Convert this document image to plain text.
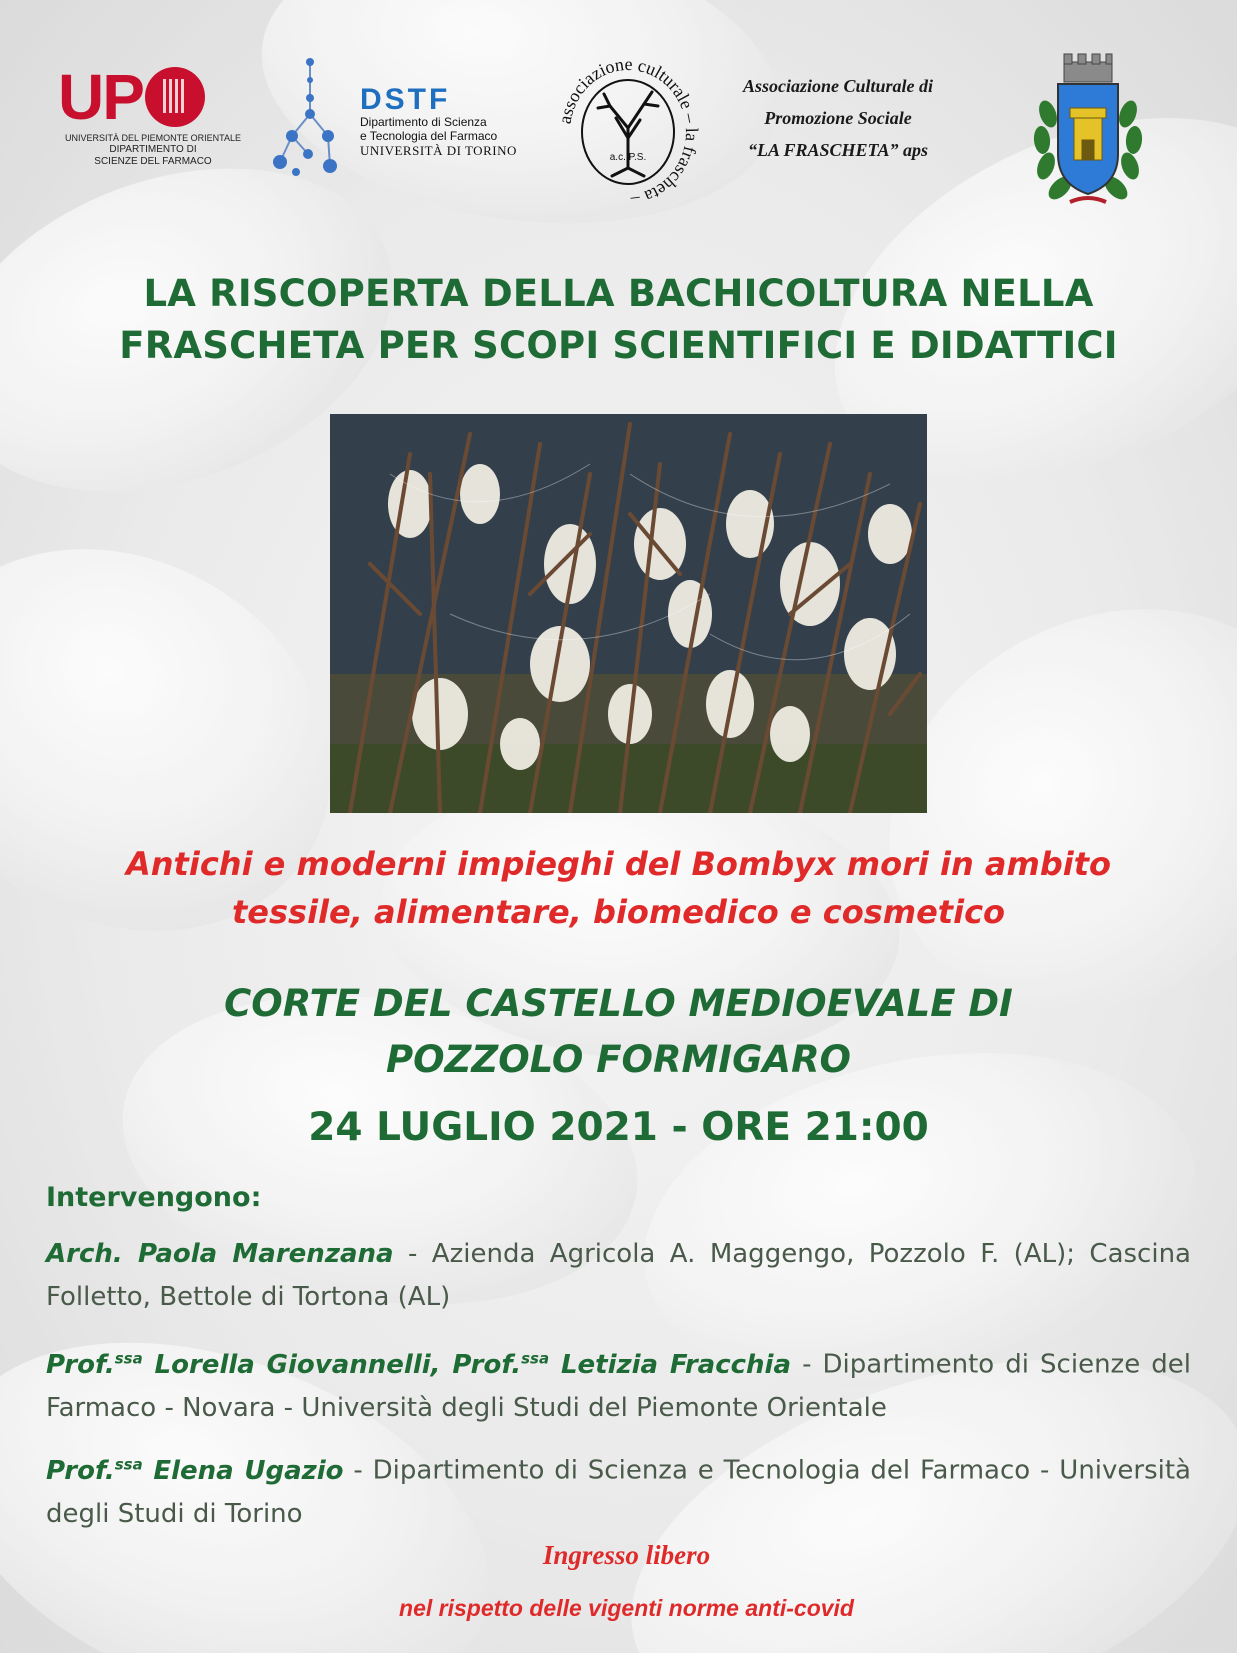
UP
UNIVERSITÀ DEL PIEMONTE ORIENTALE
DIPARTIMENTO DI
SCIENZE DEL FARMACO
DSTF
Dipartimento di Scienza
e Tecnologia del Farmaco
UNIVERSITÀ DI TORINO
associazione culturale – la frascheta –
a.c. P.S.
Associazione Culturale di
Promozione Sociale
“LA FRASCHETA” aps
LA RISCOPERTA DELLA BACHICOLTURA NELLA
FRASCHETA PER SCOPI SCIENTIFICI E DIDATTICI
Antichi e moderni impieghi del Bombyx mori in ambito
tessile, alimentare, biomedico e cosmetico
CORTE DEL CASTELLO MEDIOEVALE DI
POZZOLO FORMIGARO
24 LUGLIO 2021 - ORE 21:00
Intervengono:
Arch. Paola Marenzana - Azienda Agricola A. Maggengo, Pozzolo F. (AL); Cascina Folletto, Bettole di Tortona (AL)
Prof.$^{ssa}$ Lorella Giovannelli, Prof.$^{ssa}$ Letizia Fracchia - Dipartimento di Scienze del Farmaco - Novara - Università degli Studi del Piemonte Orientale
Prof.$^{ssa}$ Elena Ugazio - Dipartimento di Scienza e Tecnologia del Farmaco - Università degli Studi di Torino
Ingresso libero
nel rispetto delle vigenti norme anti-covid
